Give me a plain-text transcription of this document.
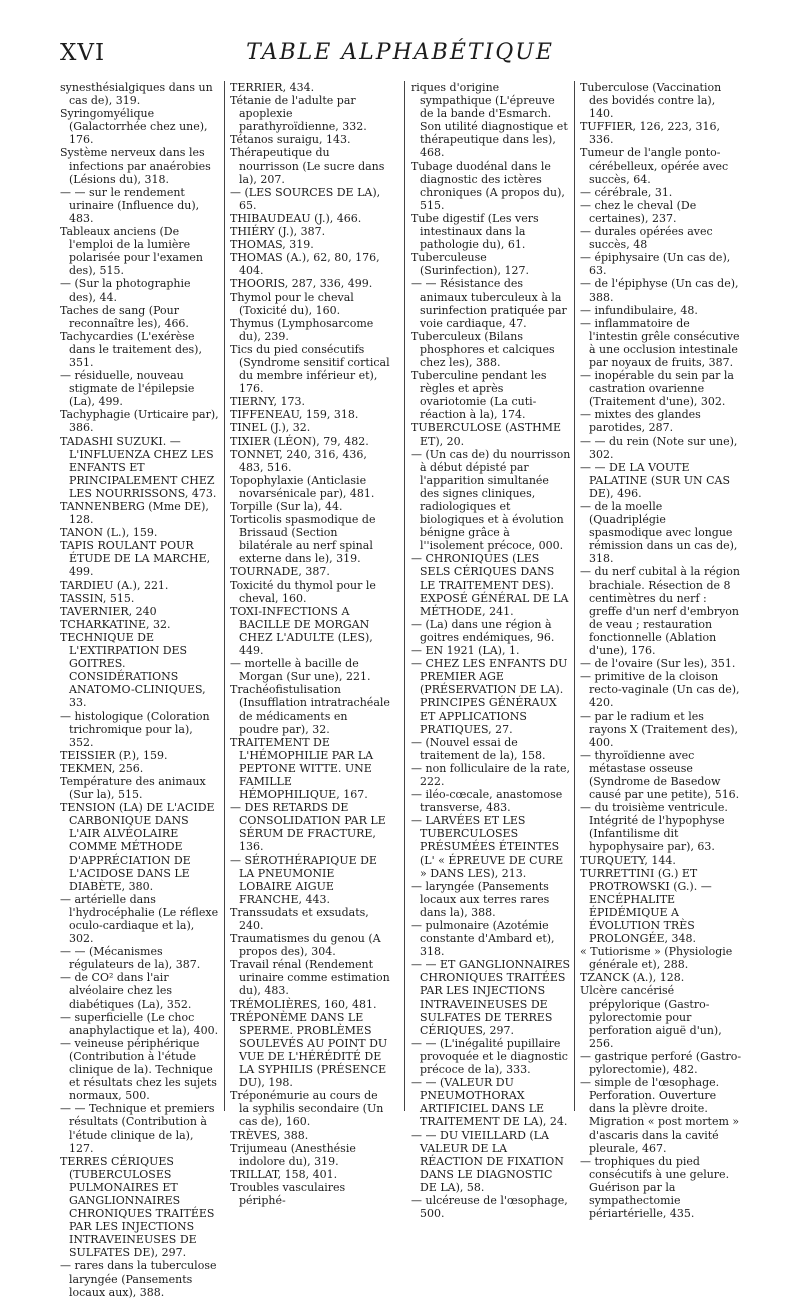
XVI	TABLE ALPHABÉTIQUE

synesthésialgiques dans un cas de), 319.

Syringomyélique (Galactorrhée chez une), 176.

Système nerveux dans les infections par anaérobies (Lésions du), 318.

— — sur le rendement urinaire (Influence du), 483.

Tableaux anciens (De l'emploi de la lumière polarisée pour l'examen des), 515.

— (Sur la photographie des), 44.

Taches de sang (Pour reconnaître les), 466.

Tachycardies (L'exérèse dans le traitement des), 351.

— résiduelle, nouveau stigmate de l'épilepsie (La), 499.

Tachyphagie (Urticaire par), 386.

TADASHI SUZUKI. — L'INFLUENZA CHEZ LES ENFANTS ET PRINCIPALEMENT CHEZ LES NOURRISSONS, 473.

TANNENBERG (Mme DE), 128.

TANON (L.), 159.

TAPIS ROULANT POUR ÉTUDE DE LA MARCHE, 499.

TARDIEU (A.), 221.

TASSIN, 515.

TAVERNIER, 240

TCHARKATINE, 32.

TECHNIQUE DE L'EXTIRPATION DES GOITRES. CONSIDÉRATIONS ANATOMO-CLINIQUES, 33.

— histologique (Coloration trichromique pour la), 352.

TEISSIER (P.), 159.

TEKMEN, 256.

Température des animaux (Sur la), 515.

TENSION (LA) DE L'ACIDE CARBONIQUE DANS L'AIR ALVÉOLAIRE COMME MÉTHODE D'APPRÉCIATION DE L'ACIDOSE DANS LE DIABÈTE, 380.

— artérielle dans l'hydrocéphalie (Le réflexe oculo-cardiaque et la), 302.

— — (Mécanismes régulateurs de la), 387.

— de CO² dans l'air alvéolaire chez les diabétiques (La), 352.

— superficielle (Le choc anaphylactique et la), 400.

— veineuse périphérique (Contribution à l'étude clinique de la). Technique et résultats chez les sujets normaux, 500.

— — Technique et premiers résultats (Contribution à l'étude clinique de la), 127.

TERRES CÉRIQUES (TUBERCULOSES PULMONAIRES ET GANGLIONNAIRES CHRONIQUES TRAITÉES PAR LES INJECTIONS INTRAVEINEUSES DE SULFATES DE), 297.

— rares dans la tuberculose laryngée (Pansements locaux aux), 388.

TERRIER, 434.

Tétanie de l'adulte par apoplexie parathyroïdienne, 332.

Tétanos suraigu, 143.

Thérapeutique du nourrisson (Le sucre dans la), 207.

— (LES SOURCES DE LA), 65.

THIBAUDEAU (J.), 466.

THIÉRY (J.), 387.

THOMAS, 319.

THOMAS (A.), 62, 80, 176, 404.

THOORIS, 287, 336, 499.

Thymol pour le cheval (Toxicité du), 160.

Thymus (Lymphosarcome du), 239.

Tics du pied consécutifs (Syndrome sensitif cortical du membre inférieur et), 176.

TIERNY, 173.

TIFFENEAU, 159, 318.

TINEL (J.), 32.

TIXIER (LÉON), 79, 482.

TONNET, 240, 316, 436, 483, 516.

Topophylaxie (Anticlasie novarsénicale par), 481.

Torpille (Sur la), 44.

Torticolis spasmodique de Brissaud (Section bilatérale au nerf spinal externe dans le), 319.

TOURNADE, 387.

Toxicité du thymol pour le cheval, 160.

TOXI-INFECTIONS A BACILLE DE MORGAN CHEZ L'ADULTE (LES), 449.

— mortelle à bacille de Morgan (Sur une), 221.

Trachéofistulisation (Insufflation intratrachéale de médicaments en poudre par), 32.

TRAITEMENT DE L'HÉMOPHILIE PAR LA PEPTONE WITTE. UNE FAMILLE HÉMOPHILIQUE, 167.

— DES RETARDS DE CONSOLIDATION PAR LE SÉRUM DE FRACTURE, 136.

— SÉROTHÉRAPIQUE DE LA PNEUMONIE LOBAIRE AIGUE FRANCHE, 443.

Transsudats et exsudats, 240.

Traumatismes du genou (A propos des), 304.

Travail rénal (Rendement urinaire comme estimation du), 483.

TRÉMOLIÈRES, 160, 481.

TRÉPONÈME DANS LE SPERME. PROBLÈMES SOULEVÉS AU POINT DU VUE DE L'HÉRÉDITÉ DE LA SYPHILIS (PRÉSENCE DU), 198.

Tréponémurie au cours de la syphilis secondaire (Un cas de), 160.

TRÈVES, 388.

Trijumeau (Anesthésie indolore du), 319.

TRILLAT, 158, 401.

Troubles vasculaires périphé-

riques d'origine sympathique (L'épreuve de la bande d'Esmarch. Son utilité diagnostique et thérapeutique dans les), 468.

Tubage duodénal dans le diagnostic des ictères chroniques (A propos du), 515.

Tube digestif (Les vers intestinaux dans la pathologie du), 61.

Tuberculeuse (Surinfection), 127.

— — Résistance des animaux tuberculeux à la surinfection pratiquée par voie cardiaque, 47.

Tuberculeux (Bilans phosphores et calciques chez les), 388.

Tuberculine pendant les règles et après ovariotomie (La cuti-réaction à la), 174.

TUBERCULOSE (ASTHME ET), 20.

— (Un cas de) du nourrisson à début dépisté par l'apparition simultanée des signes cliniques, radiologiques et biologiques et à évolution bénigne grâce à l''isolement précoce, 000.

— CHRONIQUES (LES SELS CÉRIQUES DANS LE TRAITEMENT DES). EXPOSÉ GÉNÉRAL DE LA MÉTHODE, 241.

— (La) dans une région à goitres endémiques, 96.

— EN 1921 (LA), 1.

— CHEZ LES ENFANTS DU PREMIER AGE (PRÉSERVATION DE LA). PRINCIPES GÉNÉRAUX ET APPLICATIONS PRATIQUES, 27.

— (Nouvel essai de traitement de la), 158.

— non folliculaire de la rate, 222.

— iléo-cœcale, anastomose transverse, 483.

— LARVÉES ET LES TUBERCULOSES PRÉSUMÉES ÉTEINTES (L' « ÉPREUVE DE CURE » DANS LES), 213.

— laryngée (Pansements locaux aux terres rares dans la), 388.

— pulmonaire (Azotémie constante d'Ambard et), 318.

— — ET GANGLIONNAIRES CHRONIQUES TRAITÉES PAR LES INJECTIONS INTRAVEINEUSES DE SULFATES DE TERRES CÉRIQUES, 297.

— — (L'inégalité pupillaire provoquée et le diagnostic précoce de la), 333.

— — (VALEUR DU PNEUMOTHORAX ARTIFICIEL DANS LE TRAITEMENT DE LA), 24.

— — DU VIEILLARD (LA VALEUR DE LA RÉACTION DE FIXATION DANS LE DIAGNOSTIC DE LA), 58.

— ulcéreuse de l'œsophage, 500.

Tuberculose (Vaccination des bovidés contre la), 140.

TUFFIER, 126, 223, 316, 336.

Tumeur de l'angle ponto-cérébelleux, opérée avec succès, 64.

— cérébrale, 31.

— chez le cheval (De certaines), 237.

— durales opérées avec succès, 48

— épiphysaire (Un cas de), 63.

— de l'épiphyse (Un cas de), 388.

— infundibulaire, 48.

— inflammatoire de l'intestin grêle consécutive à une occlusion intestinale par noyaux de fruits, 387.

— inopérable du sein par la castration ovarienne (Traitement d'une), 302.

— mixtes des glandes parotides, 287.

— — du rein (Note sur une), 302.

— — DE LA VOUTE PALATINE (SUR UN CAS DE), 496.

— de la moelle (Quadriplégie spasmodique avec longue rémission dans un cas de), 318.

— du nerf cubital à la région brachiale. Résection de 8 centimètres du nerf : greffe d'un nerf d'embryon de veau ; restauration fonctionnelle (Ablation d'une), 176.

— de l'ovaire (Sur les), 351.

— primitive de la cloison recto-vaginale (Un cas de), 420.

— par le radium et les rayons X (Traitement des), 400.

— thyroïdienne avec métastase osseuse (Syndrome de Basedow causé par une petite), 516.

— du troisième ventricule. Intégrité de l'hypophyse (Infantilisme dit hypophysaire par), 63.

TURQUETY, 144.

TURRETTINI (G.) ET PROTROWSKI (G.). — ENCÉPHALITE ÉPIDÉMIQUE A ÉVOLUTION TRÈS PROLONGÉE, 348.

« Tutiorisme » (Physiologie générale et), 288.

TZANCK (A.), 128.

Ulcère cancérisé prépylorique (Gastro-pylorectomie pour perforation aiguë d'un), 256.

— gastrique perforé (Gastro-pylorectomie), 482.

— simple de l'œsophage. Perforation. Ouverture dans la plèvre droite. Migration « post mortem » d'ascaris dans la cavité pleurale, 467.

— trophiques du pied consécutifs à une gelure. Guérison par la sympathectomie périartérielle, 435.
